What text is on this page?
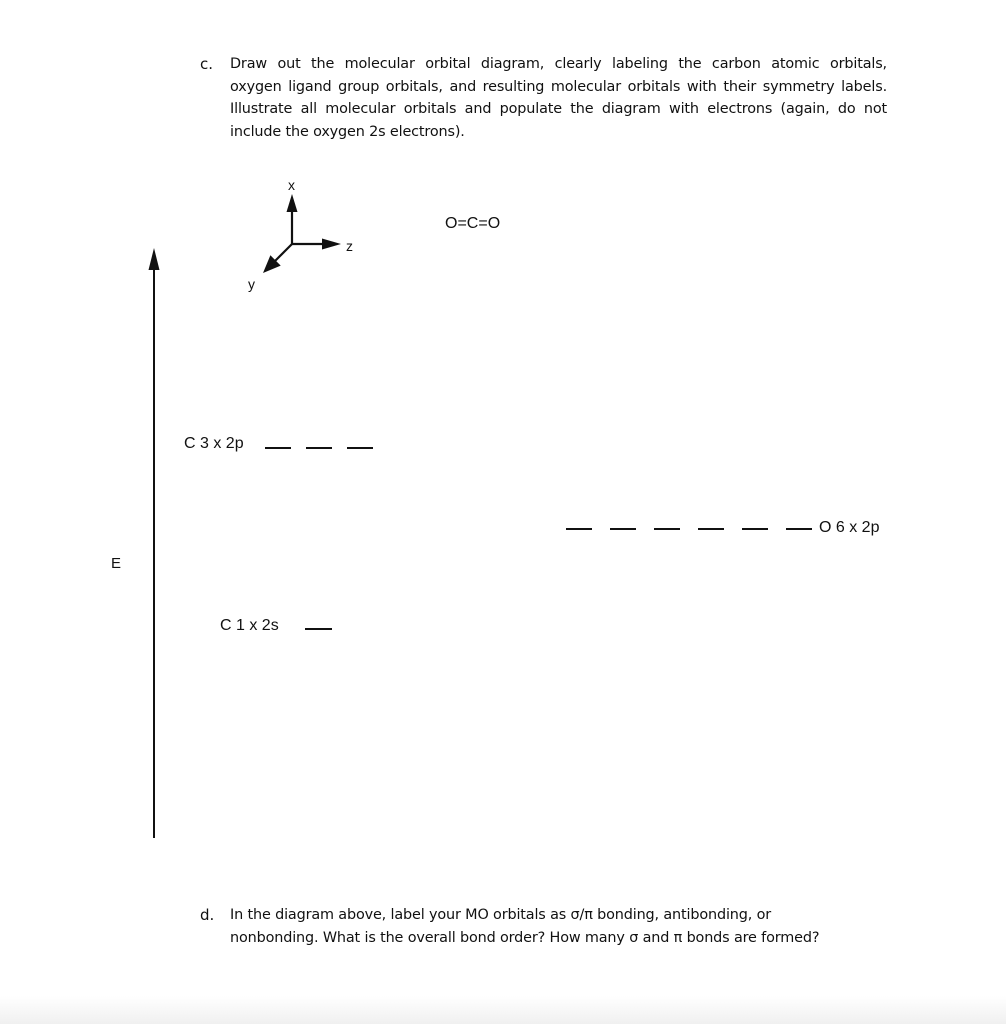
c. Draw out the molecular orbital diagram, clearly labeling the carbon atomic orbitals,

oxygen ligand group orbitals, and resulting molecular orbitals with their symmetry labels.

Illustrate all molecular orbitals and populate the diagram with electrons (again, do not

include the oxygen 2s electrons).

x
z
y
O=C=O
E
C 3 x 2p
O 6 x 2p
C 1 x 2s
d. In the diagram above, label your MO orbitals as σ/π bonding, antibonding, or

nonbonding. What is the overall bond order? How many σ and π bonds are formed?
